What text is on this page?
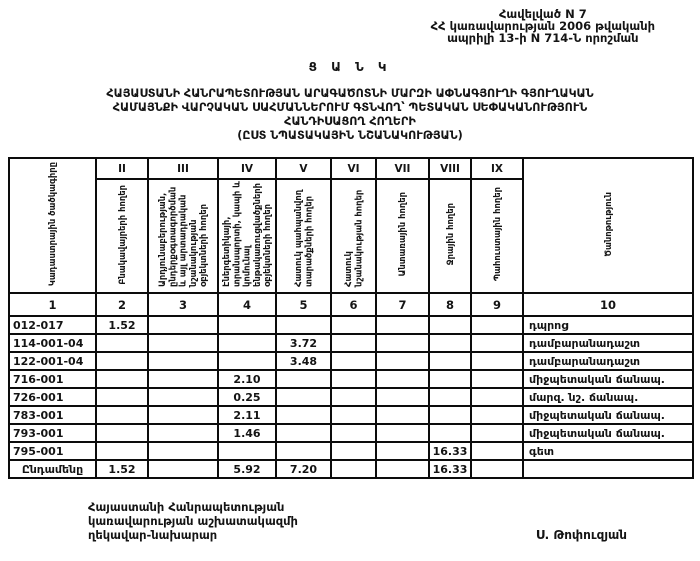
Հավելված N 7
ՀՀ կառավարության 2006 թվականի
ապրիլի 13-ի N 714-Ն որոշման
Ց Ա Ն Կ
ՀԱՅԱՍՏԱՆԻ ՀԱՆՐԱՊԵՏՈՒԹՅԱՆ ԱՐԱԳԱԾՈՏՆԻ ՄԱՐԶԻ ԱՓՆԱԳՅՈՒՂԻ ԳՅՈՒՂԱԿԱՆ
ՀԱՄԱՅՆՔԻ ՎԱՐՉԱԿԱՆ ՍԱՀՄԱՆՆԵՐՈՒՄ ԳՏՆՎՈՂ՝ ՊԵՏԱԿԱՆ ՍԵՓԱԿԱՆՈՒԹՅՈՒՆ
ՀԱՆԴԻՍԱՑՈՂ ՀՈՂԵՐԻ
(ԸՍՏ ՆՊԱՏԱԿԱՅԻՆ ՆՇԱՆԱԿՈՒԹՅԱՆ)
Կադաստրային ծածկագիրը	II	III	IV	V	VI	VII	VIII	IX	Ծանոթություն
	Բնակավայրերի հողեր	Արդյունաբերության, ընդերքօգտագործման և այլ արտադրական նշանակության օբյեկտների հողեր	Էներգետիկայի, տրանսպորտի, կապի և կոմունալ ենթակառուցվածքների օբյեկտների հողեր	Հատուկ պահպանվող տարածքների հողեր	Հատուկ նշանակության հողեր	Անտառային հողեր	Ջրային հողեր	Պահուստային հողեր	
1	2	3	4	5	6	7	8	9	10
012-017	1.52								դպրոց
114-001-04				3.72					դամբարանադաշտ
122-001-04				3.48					դամբարանադաշտ
716-001			2.10						միջպետական ճանապ.
726-001			0.25						մարզ. նշ. ճանապ.
783-001			2.11						միջպետական ճանապ.
793-001			1.46						միջպետական ճանապ.
795-001							16.33		գետ
Ընդամենը	1.52		5.92	7.20			16.33		
Հայաստանի Հանրապետության
կառավարության աշխատակազմի
ղեկավար-նախարար	Ս. Թոփուզյան
